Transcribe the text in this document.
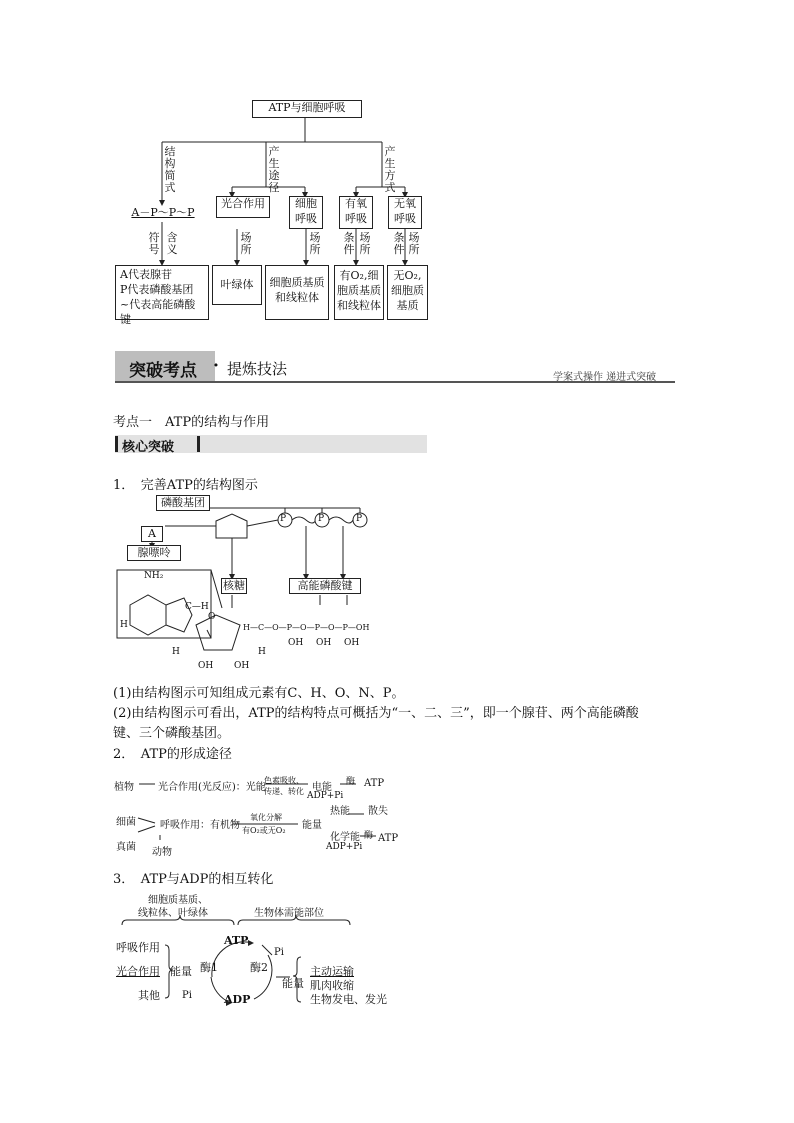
ATP与细胞呼吸
结构简式
产生途径
产生方式
A－P～P～P
光合作用	细胞呼吸
有氧呼吸
无氧呼吸
符号
含义
场所
场所
条件
场所
条件
场所
A代表腺苷
P代表磷酸基团
~代表高能磷酸键
叶绿体	细胞质基质和线粒体
有O₂,细胞质基质和线粒体
无O₂,细胞质基质
突破考点 · 提炼技法	学案式操作 递进式突破
考点一　ATP的结构与作用
核心突破
1．　完善ATP的结构图示
磷酸基团
A
腺嘌呤
核糖	高能磷酸键
P	P	P
NH₂
H
C—H
O
H—C—O—P—O—P—O—P—OH
H	H
OH OH
OH OH OH
(1)由结构图示可知组成元素有C、H、O、N、P。
(2)由结构图示可看出，ATP的结构特点可概括为“一、二、三”，即一个腺苷、两个高能磷酸
键、三个磷酸基团。
2．　ATP的形成途径
植物 光合作用(光反应)：光能
色素吸收、
传递、转化 电能
ADP+Pi
酶 ATP
细菌
真菌 动物
呼吸作用：有机物
氧化分解
有O₂或无O₂ 能量
热能 散失
化学能
ADP+Pi
酶 ATP
3．　ATP与ADP的相互转化
细胞质基质、
线粒体、叶绿体	生物体需能部位
呼吸作用
光合作用
其他
能量 酶1	酶2
ATP
ADP
Pi
Pi
能量
主动运输
肌肉收缩
生物发电、发光
